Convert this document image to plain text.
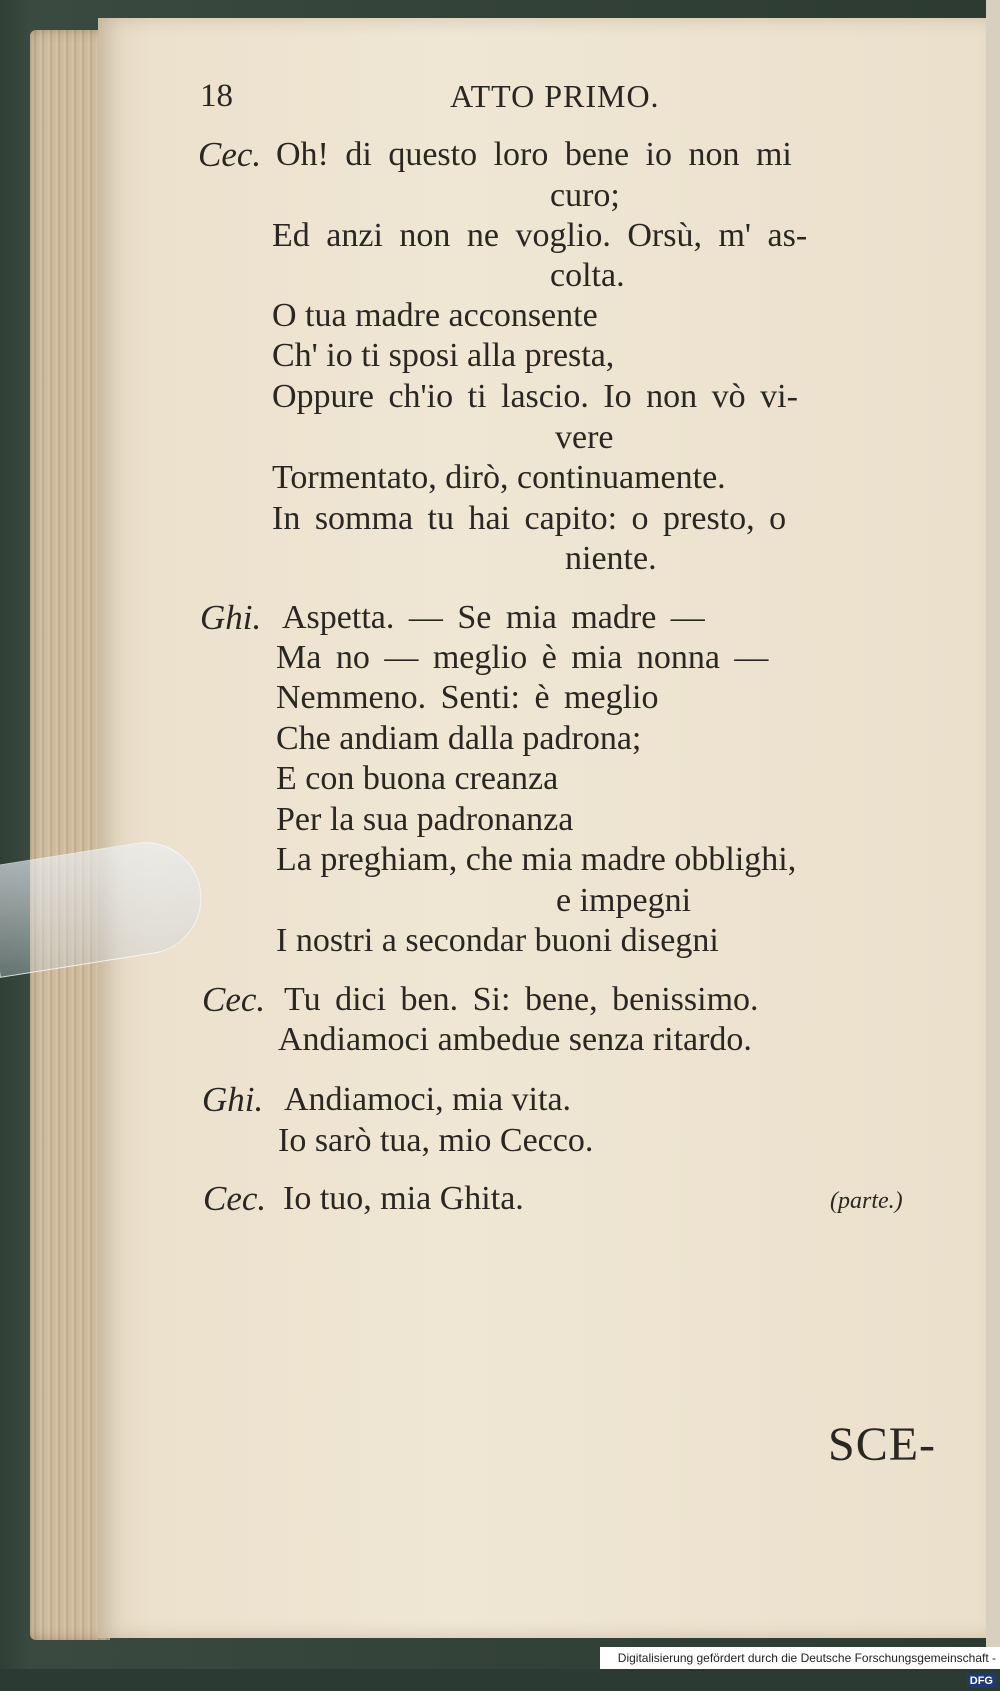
18	ATTO PRIMO.
Cec. Oh! di questo loro bene io non mi
curo;
Ed anzi non ne voglio. Orsù, m' as-
colta.
O tua madre acconsente
Ch' io ti sposi alla presta,
Oppure ch'io ti lascio. Io non vò vi-
vere
Tormentato, dirò, continuamente.
In somma tu hai capito: o presto, o
niente.
Ghi. Aspetta. — Se mia madre —
Ma no — meglio è mia nonna —
Nemmeno. Senti: è meglio
Che andiam dalla padrona;
E con buona creanza
Per la sua padronanza
La preghiam, che mia madre obblighi,
e impegni
I nostri a secondar buoni disegni
Cec. Tu dici ben. Si: bene, benissimo.
Andiamoci ambedue senza ritardo.
Ghi. Andiamoci, mia vita.
Io sarò tua, mio Cecco.
Cec. Io tuo, mia Ghita.	(parte.)
SCE-
Digitalisierung gefördert durch die Deutsche Forschungsgemeinschaft -DFG
